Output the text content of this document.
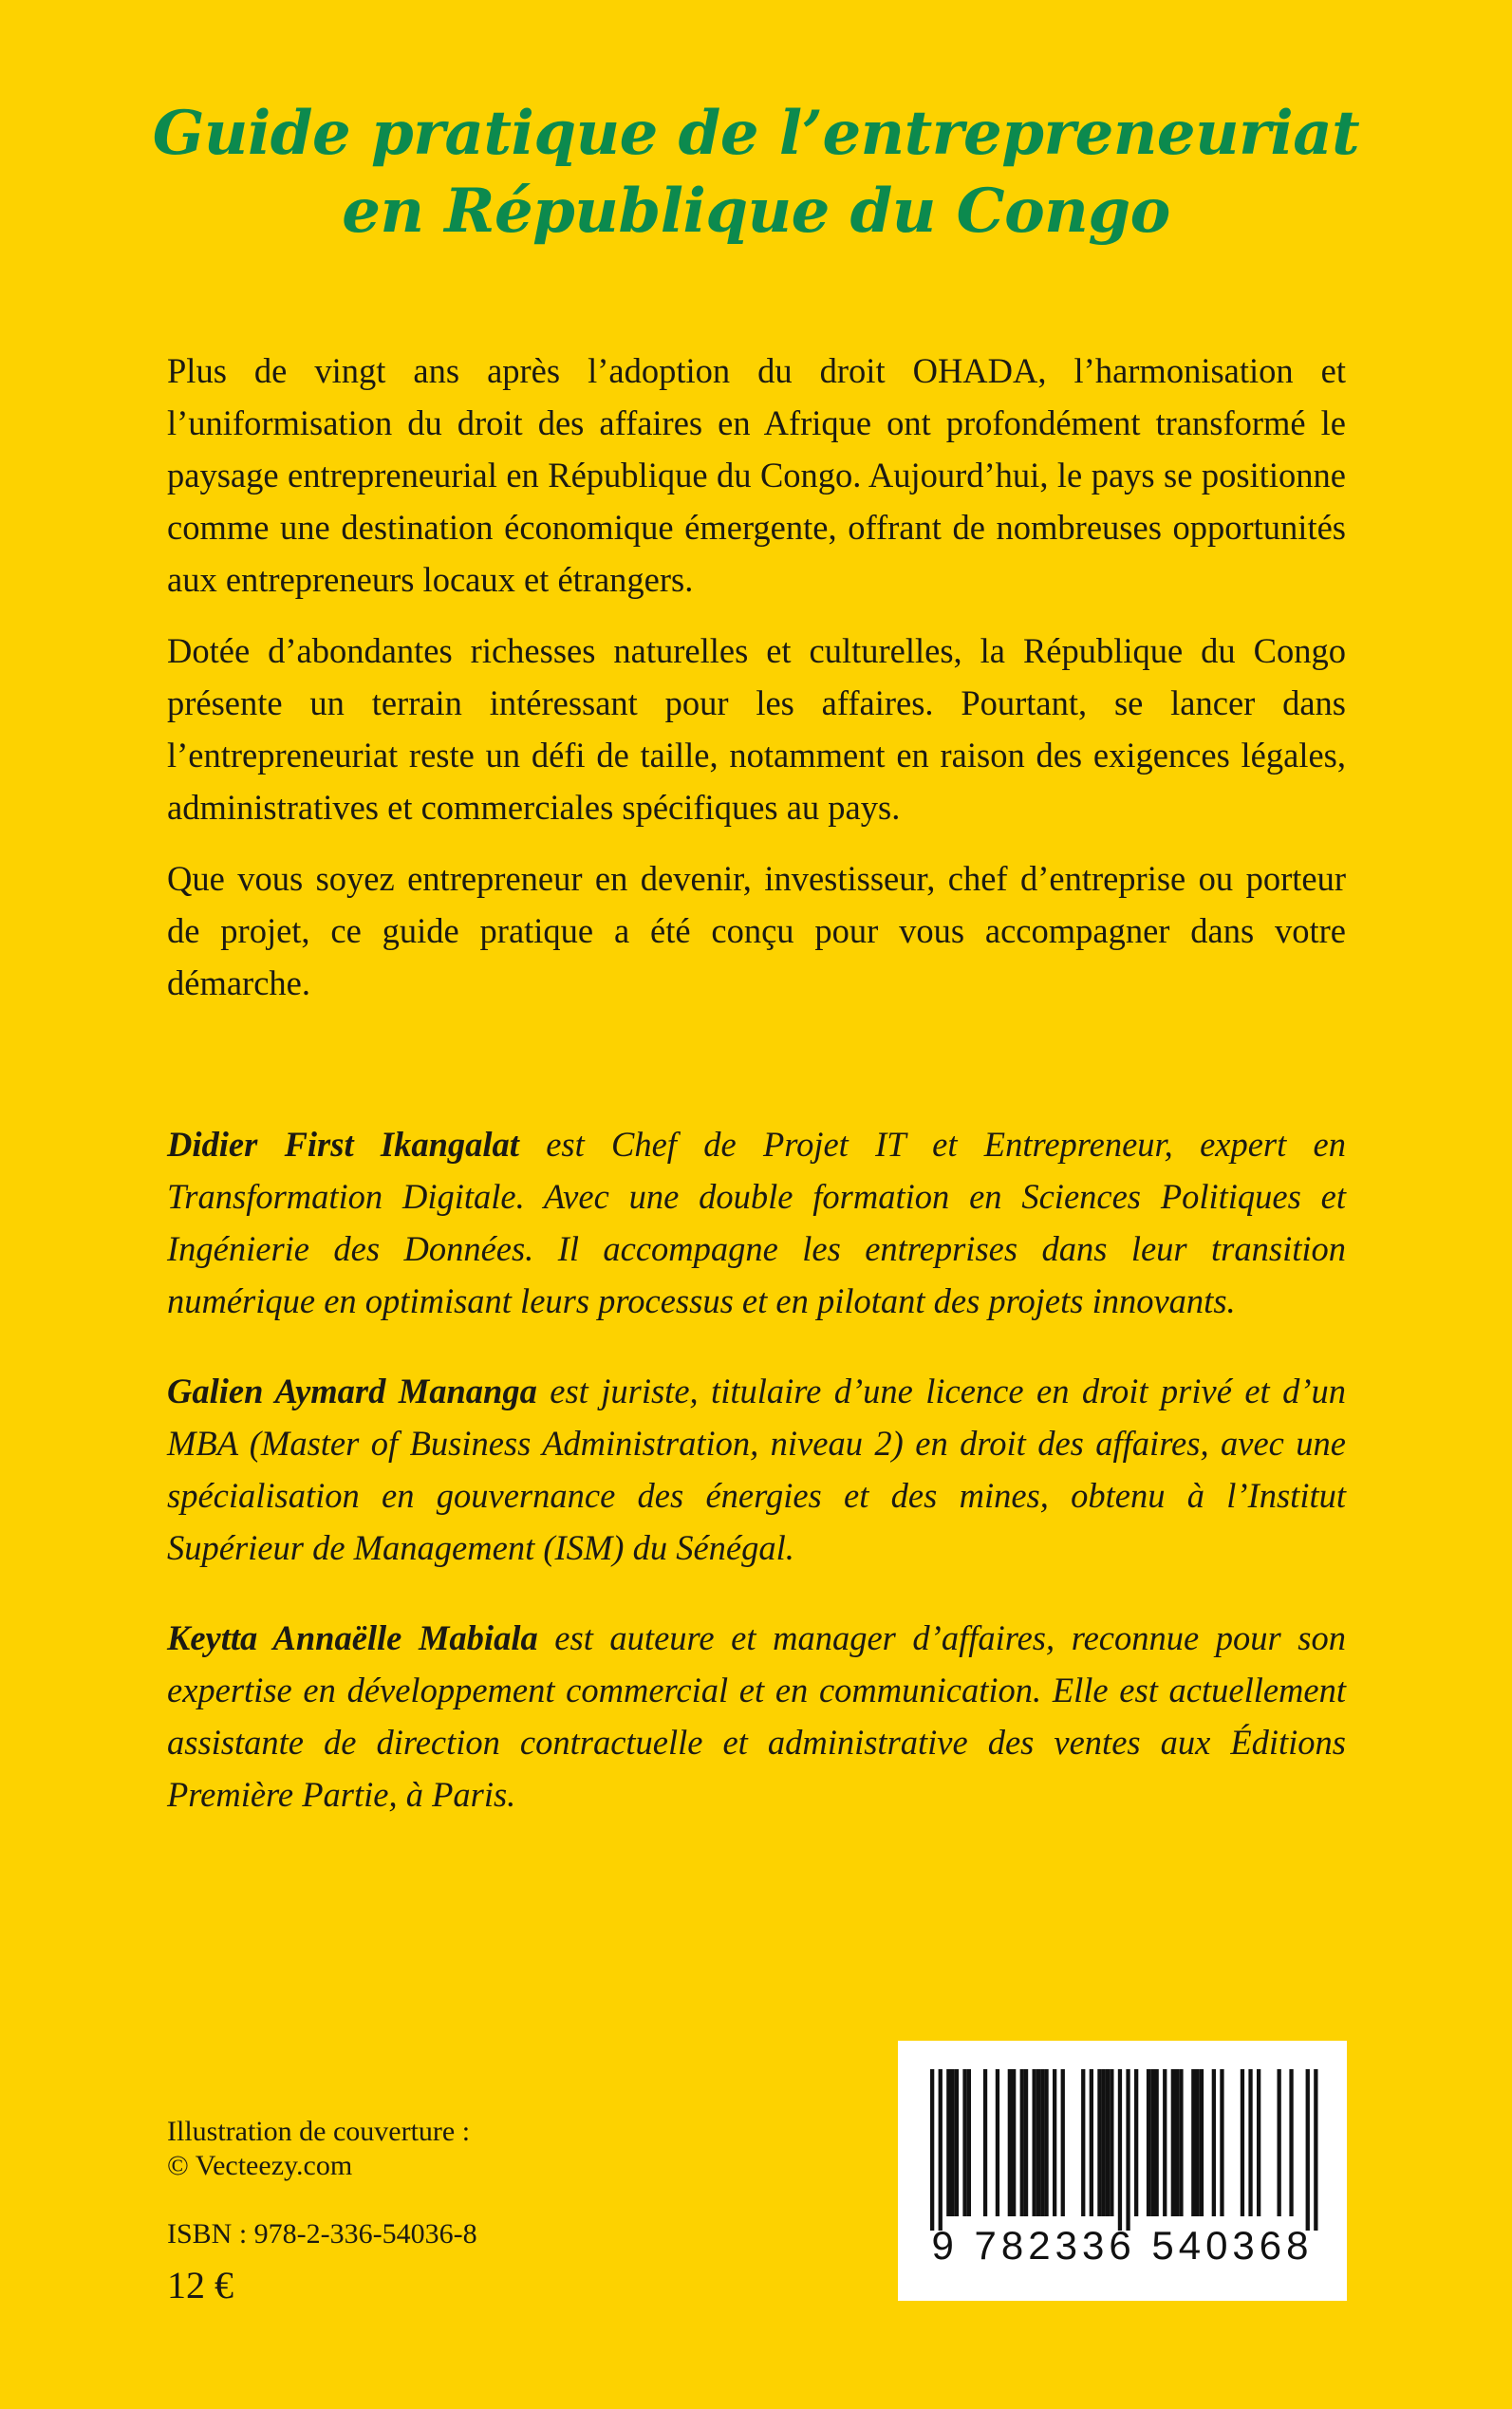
Guide pratique de l’entrepreneuriat
en République du Congo

Plus de vingt ans après l’adoption du droit OHADA, l’harmonisation et l’uniformisation du droit des affaires en Afrique ont profondément transformé le paysage entrepreneurial en République du Congo. Aujourd’hui, le pays se positionne comme une destination économique émergente, offrant de nombreuses opportunités aux entrepreneurs locaux et étrangers.

Dotée d’abondantes richesses naturelles et culturelles, la République du Congo présente un terrain intéressant pour les affaires. Pourtant, se lancer dans l’entrepreneuriat reste un défi de taille, notamment en raison des exigences légales, administratives et commerciales spécifiques au pays.

Que vous soyez entrepreneur en devenir, investisseur, chef d’entreprise ou porteur de projet, ce guide pratique a été conçu pour vous accompagner dans votre démarche.

Didier First Ikangalat est Chef de Projet IT et Entrepreneur, expert en Transformation Digitale. Avec une double formation en Sciences Politiques et Ingénierie des Données. Il accompagne les entreprises dans leur transition numérique en optimisant leurs processus et en pilotant des projets innovants.

Galien Aymard Mananga est juriste, titulaire d’une licence en droit privé et d’un MBA (Master of Business Administration, niveau 2) en droit des affaires, avec une spécialisation en gouvernance des énergies et des mines, obtenu à l’Institut Supérieur de Management (ISM) du Sénégal.

Keytta Annaëlle Mabiala est auteure et manager d’affaires, reconnue pour son expertise en développement commercial et en communication. Elle est actuellement assistante de direction contractuelle et administrative des ventes aux Éditions Première Partie, à Paris.

Illustration de couverture :
© Vecteezy.com
ISBN : 978-2-336-54036-8
12 €
9 782336 540368
